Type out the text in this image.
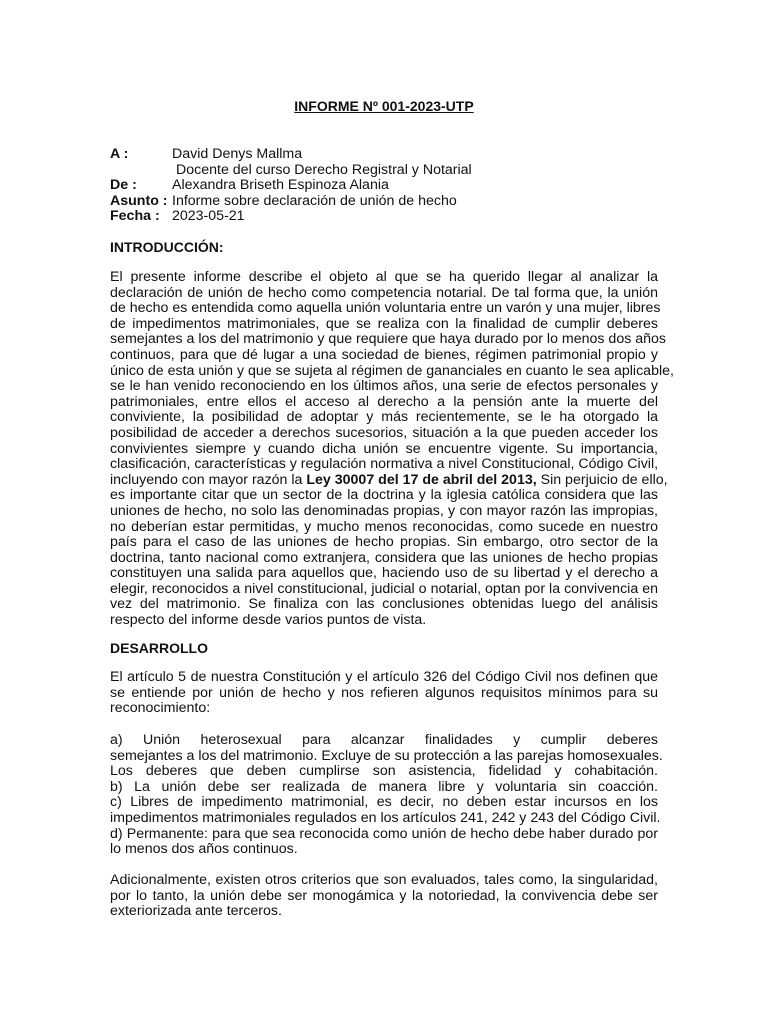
INFORME Nº 001-2023-UTP
A :	David Denys Mallma
Docente del curso Derecho Registral y Notarial
De : Alexandra Briseth Espinoza Alania
Asunto : Informe sobre declaración de unión de hecho
Fecha : 2023-05-21
INTRODUCCIÓN:
El presente informe describe el objeto al que se ha querido llegar al analizar la
declaración de unión de hecho como competencia notarial. De tal forma que, la unión
de hecho es entendida como aquella unión voluntaria entre un varón y una mujer, libres
de impedimentos matrimoniales, que se realiza con la finalidad de cumplir deberes
semejantes a los del matrimonio y que requiere que haya durado por lo menos dos años
continuos, para que dé lugar a una sociedad de bienes, régimen patrimonial propio y
único de esta unión y que se sujeta al régimen de gananciales en cuanto le sea aplicable,
se le han venido reconociendo en los últimos años, una serie de efectos personales y
patrimoniales, entre ellos el acceso al derecho a la pensión ante la muerte del
conviviente, la posibilidad de adoptar y más recientemente, se le ha otorgado la
posibilidad de acceder a derechos sucesorios, situación a la que pueden acceder los
convivientes siempre y cuando dicha unión se encuentre vigente. Su importancia,
clasificación, características y regulación normativa a nivel Constitucional, Código Civil,
incluyendo con mayor razón la Ley 30007 del 17 de abril del 2013, Sin perjuicio de ello,
es importante citar que un sector de la doctrina y la iglesia católica considera que las
uniones de hecho, no solo las denominadas propias, y con mayor razón las impropias,
no deberían estar permitidas, y mucho menos reconocidas, como sucede en nuestro
país para el caso de las uniones de hecho propias. Sin embargo, otro sector de la
doctrina, tanto nacional como extranjera, considera que las uniones de hecho propias
constituyen una salida para aquellos que, haciendo uso de su libertad y el derecho a
elegir, reconocidos a nivel constitucional, judicial o notarial, optan por la convivencia en
vez del matrimonio. Se finaliza con las conclusiones obtenidas luego del análisis
respecto del informe desde varios puntos de vista.
DESARROLLO
El artículo 5 de nuestra Constitución y el artículo 326 del Código Civil nos definen que
se entiende por unión de hecho y nos refieren algunos requisitos mínimos para su
reconocimiento:
a) Unión heterosexual para alcanzar finalidades y cumplir deberes
semejantes a los del matrimonio. Excluye de su protección a las parejas homosexuales.
Los deberes que deben cumplirse son asistencia, fidelidad y cohabitación.
b) La unión debe ser realizada de manera libre y voluntaria sin coacción.
c) Libres de impedimento matrimonial, es decir, no deben estar incursos en los
impedimentos matrimoniales regulados en los artículos 241, 242 y 243 del Código Civil.
d) Permanente: para que sea reconocida como unión de hecho debe haber durado por
lo menos dos años continuos.
Adicionalmente, existen otros criterios que son evaluados, tales como, la singularidad,
por lo tanto, la unión debe ser monogámica y la notoriedad, la convivencia debe ser
exteriorizada ante terceros.
